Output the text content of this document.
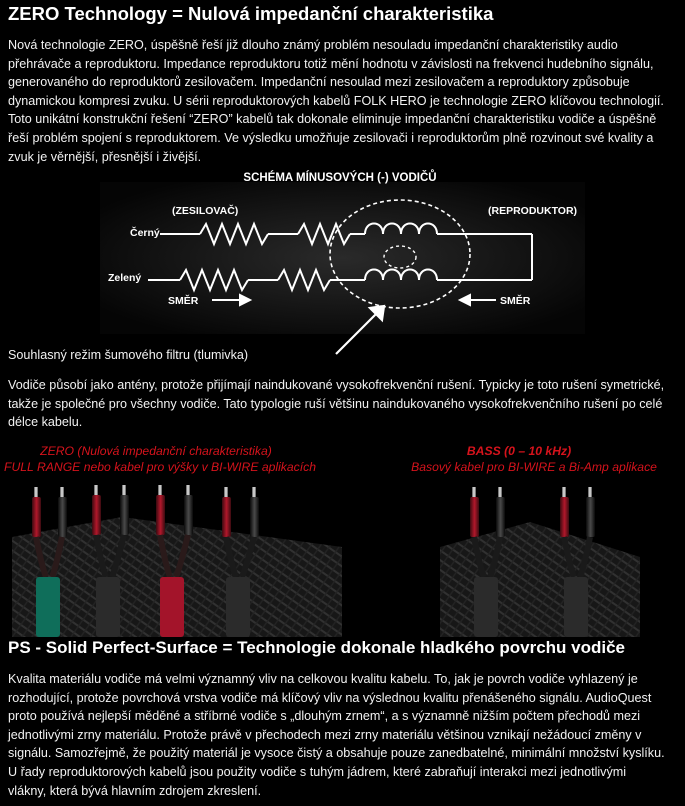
ZERO Technology = Nulová impedanční charakteristika
Nová technologie ZERO, úspěšně řeší již dlouho známý problém nesouladu impedanční charakteristiky audio
přehrávače a reproduktoru. Impedance reproduktoru totiž mění hodnotu v závislosti na frekvenci hudebního signálu,
generovaného do reproduktorů zesilovačem. Impedanční nesoulad mezi zesilovačem a reproduktory způsobuje
dynamickou kompresi zvuku. U sérii reproduktorových kabelů FOLK HERO je technologie ZERO klíčovou technologií.
Toto unikátní konstrukční řešení “ZERO” kabelů tak dokonale eliminuje impedanční charakteristiku vodiče a úspěšně
řeší problém spojení s reproduktorem. Ve výsledku umožňuje zesilovači i reproduktorům plně rozvinout své kvality a
zvuk je věrnější, přesnější i živější.
SCHÉMA MÍNUSOVÝCH (-) VODIČŮ
(ZESILOVAČ)	(REPRODUKTOR)
Černý
Zelený
SMĚR	SMĚR
Souhlasný režim šumového filtru (tlumivka)
Vodiče působí jako antény, protože přijímají naindukované vysokofrekvenční rušení. Typicky je toto rušení symetrické,
takže je společné pro všechny vodiče. Tato typologie ruší většinu naindukovaného vysokofrekvenčního rušení po celé
délce kabelu.
ZERO (Nulová impedanční charakteristika)
FULL RANGE nebo kabel pro výšky v BI-WIRE aplikacích
BASS (0 – 10 kHz)
Basový kabel pro BI-WIRE a Bi-Amp aplikace
PS - Solid Perfect-Surface = Technologie dokonale hladkého povrchu vodiče
Kvalita materiálu vodiče má velmi významný vliv na celkovou kvalitu kabelu. To, jak je povrch vodiče vyhlazený je
rozhodující, protože povrchová vrstva vodiče má klíčový vliv na výslednou kvalitu přenášeného signálu. AudioQuest
proto používá nejlepší měděné a stříbrné vodiče s „dlouhým zrnem“, a s významně nižším počtem přechodů mezi
jednotlivými zrny materiálu. Protože právě v přechodech mezi zrny materiálu většinou vznikají nežádoucí změny v
signálu. Samozřejmě, že použitý materiál je vysoce čistý a obsahuje pouze zanedbatelné, minimální množství kyslíku.
U řady reproduktorových kabelů jsou použity vodiče s tuhým jádrem, které zabraňují interakci mezi jednotlivými
vlákny, která bývá hlavním zdrojem zkreslení.
